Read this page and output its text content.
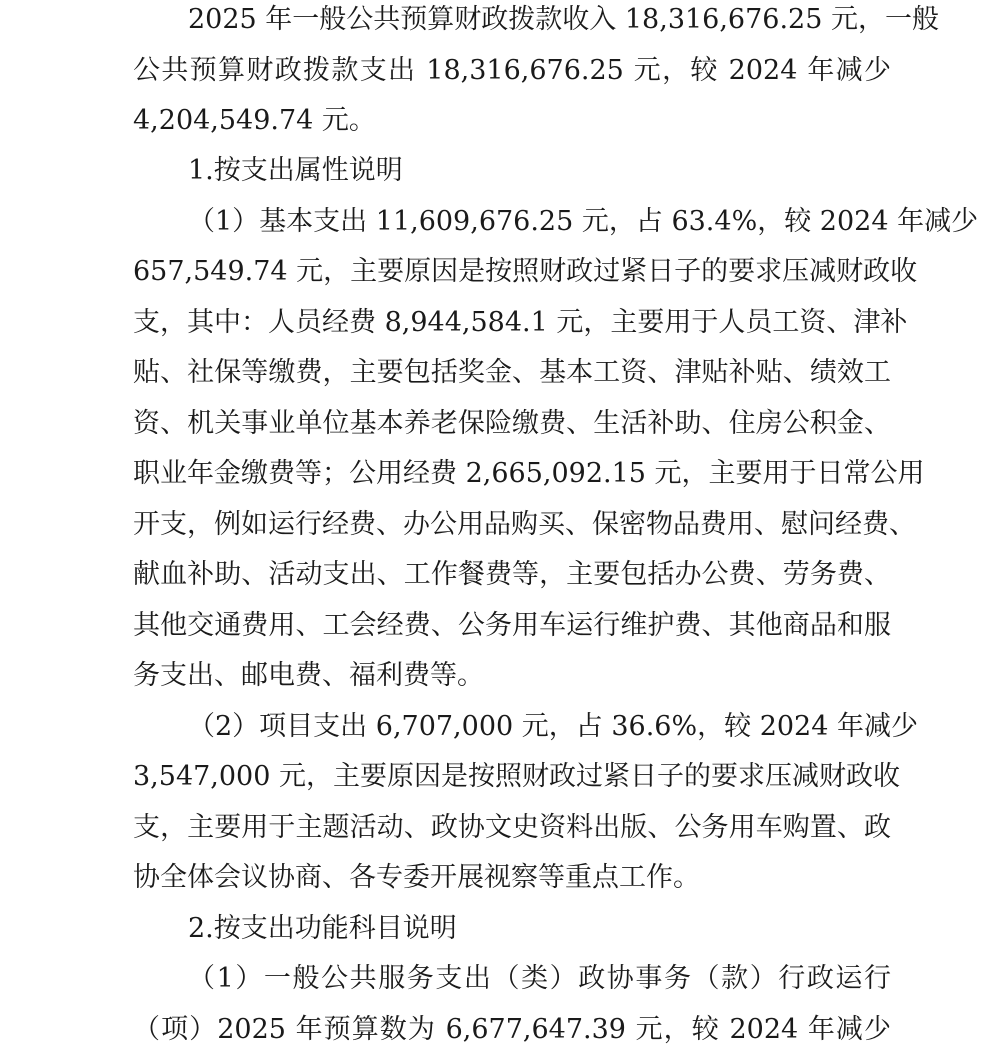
2025 年一般公共预算财政拨款收入 18,316,676.25 元，一般
公共预算财政拨款支出 18,316,676.25 元，较 2024 年减少
4,204,549.74 元。
1.按支出属性说明
（1）基本支出 11,609,676.25 元，占 63.4%，较 2024 年减少
657,549.74 元，主要原因是按照财政过紧日子的要求压减财政收
支，其中：人员经费 8,944,584.1 元，主要用于人员工资、津补
贴、社保等缴费，主要包括奖金、基本工资、津贴补贴、绩效工
资、机关事业单位基本养老保险缴费、生活补助、住房公积金、
职业年金缴费等；公用经费 2,665,092.15 元，主要用于日常公用
开支，例如运行经费、办公用品购买、保密物品费用、慰问经费、
献血补助、活动支出、工作餐费等，主要包括办公费、劳务费、
其他交通费用、工会经费、公务用车运行维护费、其他商品和服
务支出、邮电费、福利费等。
（2）项目支出 6,707,000 元，占 36.6%，较 2024 年减少
3,547,000 元，主要原因是按照财政过紧日子的要求压减财政收
支，主要用于主题活动、政协文史资料出版、公务用车购置、政
协全体会议协商、各专委开展视察等重点工作。
2.按支出功能科目说明
（1）一般公共服务支出（类）政协事务（款）行政运行
（项）2025 年预算数为 6,677,647.39 元，较 2024 年减少
